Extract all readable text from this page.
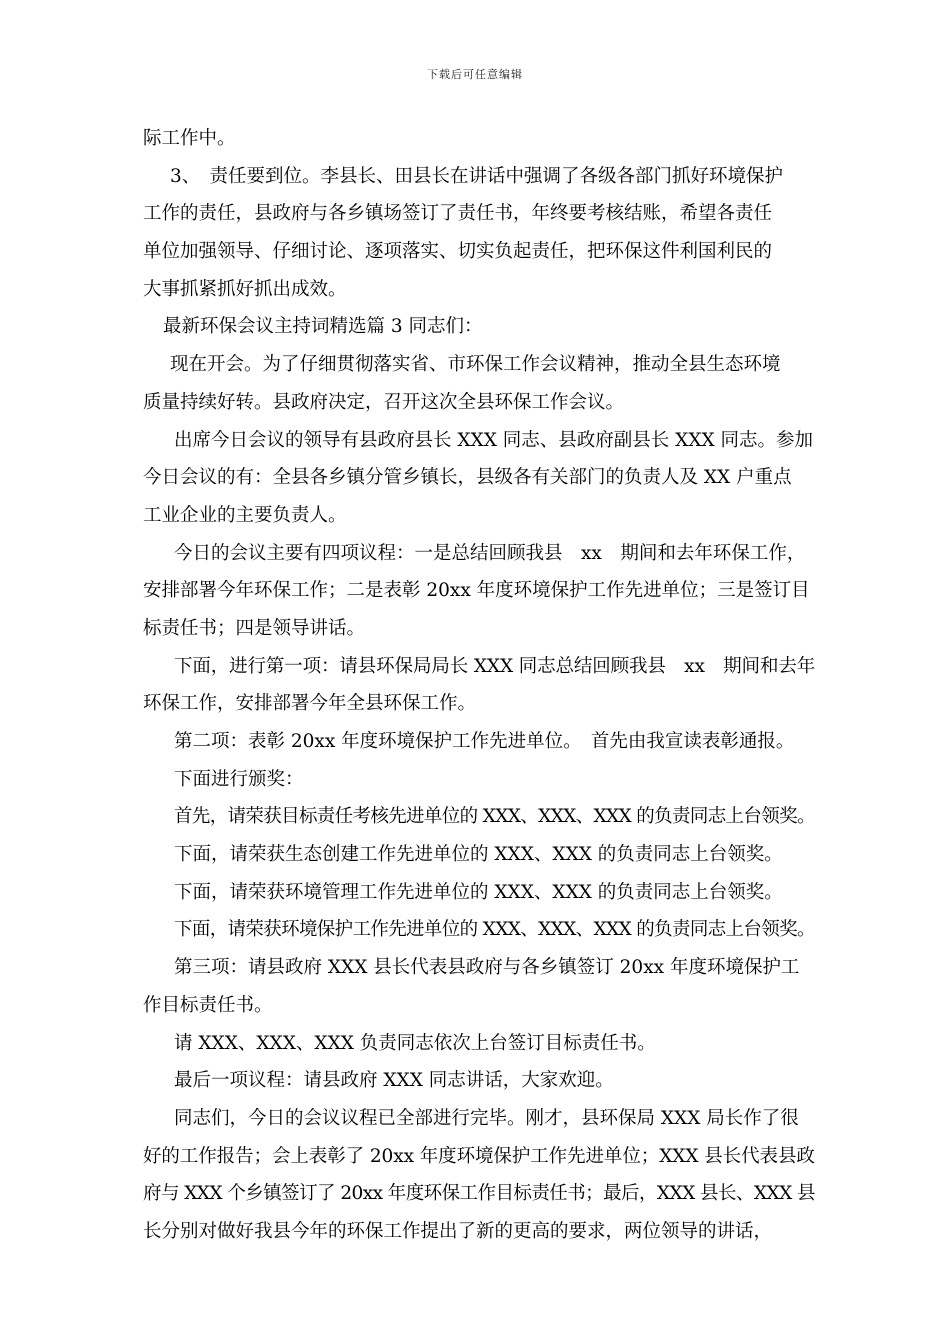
下载后可任意编辑
际工作中。
3、　责任要到位。李县长、田县长在讲话中强调了各级各部门抓好环境保护
工作的责任，县政府与各乡镇场签订了责任书，年终要考核结账，希望各责任
单位加强领导、仔细讨论、逐项落实、切实负起责任，把环保这件利国利民的
大事抓紧抓好抓出成效。
最新环保会议主持词精选篇 3 同志们：
现在开会。为了仔细贯彻落实省、市环保工作会议精神，推动全县生态环境
质量持续好转。县政府决定，召开这次全县环保工作会议。
出席今日会议的领导有县政府县长 XXX 同志、县政府副县长 XXX 同志。参加
今日会议的有：全县各乡镇分管乡镇长，县级各有关部门的负责人及 XX 户重点
工业企业的主要负责人。
今日的会议主要有四项议程：一是总结回顾我县　xx　期间和去年环保工作，
安排部署今年环保工作；二是表彰 20xx 年度环境保护工作先进单位；三是签订目
标责任书；四是领导讲话。
下面，进行第一项：请县环保局局长 XXX 同志总结回顾我县　xx　期间和去年
环保工作，安排部署今年全县环保工作。
第二项：表彰 20xx 年度环境保护工作先进单位。　首先由我宣读表彰通报。
下面进行颁奖：
首先，请荣获目标责任考核先进单位的 XXX、XXX、XXX 的负责同志上台领奖。
下面，请荣获生态创建工作先进单位的 XXX、XXX 的负责同志上台领奖。
下面，请荣获环境管理工作先进单位的 XXX、XXX 的负责同志上台领奖。
下面，请荣获环境保护工作先进单位的 XXX、XXX、XXX 的负责同志上台领奖。
第三项：请县政府 XXX 县长代表县政府与各乡镇签订 20xx 年度环境保护工
作目标责任书。
请 XXX、XXX、XXX 负责同志依次上台签订目标责任书。
最后一项议程：请县政府 XXX 同志讲话，大家欢迎。
同志们，今日的会议议程已全部进行完毕。刚才，县环保局 XXX 局长作了很
好的工作报告；会上表彰了 20xx 年度环境保护工作先进单位；XXX 县长代表县政
府与 XXX 个乡镇签订了 20xx 年度环保工作目标责任书；最后，XXX 县长、XXX 县
长分别对做好我县今年的环保工作提出了新的更高的要求，两位领导的讲话，
